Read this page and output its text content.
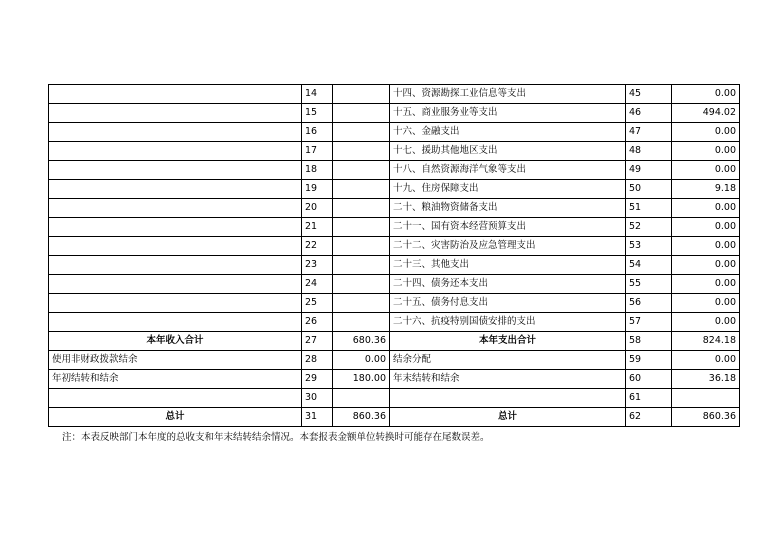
	14		十四、资源勘探工业信息等支出	45	0.00
	15		十五、商业服务业等支出	46	494.02
	16		十六、金融支出	47	0.00
	17		十七、援助其他地区支出	48	0.00
	18		十八、自然资源海洋气象等支出	49	0.00
	19		十九、住房保障支出	50	9.18
	20		二十、粮油物资储备支出	51	0.00
	21		二十一、国有资本经营预算支出	52	0.00
	22		二十二、灾害防治及应急管理支出	53	0.00
	23		二十三、其他支出	54	0.00
	24		二十四、债务还本支出	55	0.00
	25		二十五、债务付息支出	56	0.00
	26		二十六、抗疫特别国债安排的支出	57	0.00
本年收入合计	27	680.36	本年支出合计	58	824.18
使用非财政拨款结余	28	0.00	结余分配	59	0.00
年初结转和结余	29	180.00	年末结转和结余	60	36.18
	30			61	
总计	31	860.36	总计	62	860.36
注：本表反映部门本年度的总收支和年末结转结余情况。本套报表金额单位转换时可能存在尾数误差。
